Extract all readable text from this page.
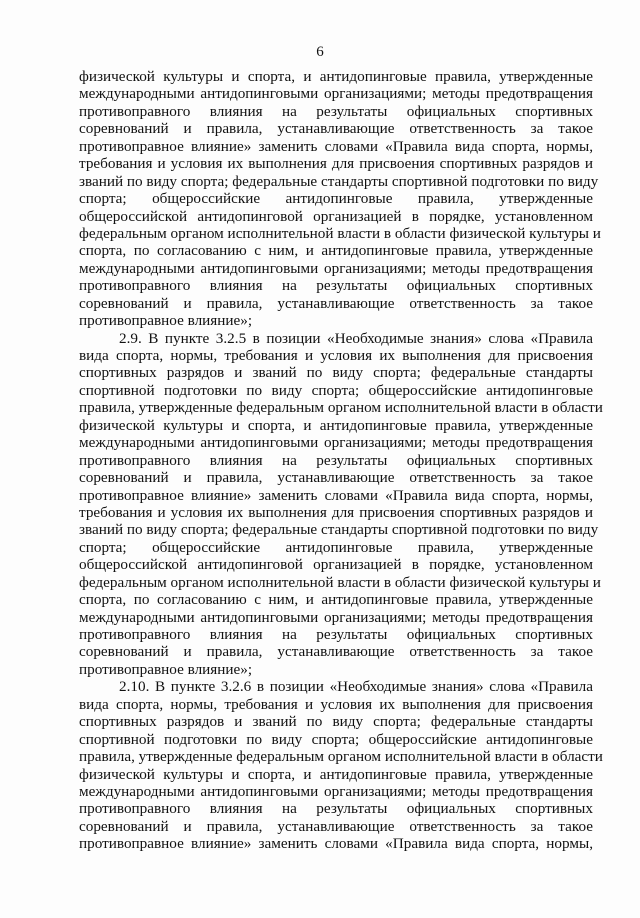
6
физической культуры и спорта, и антидопинговые правила, утвержденные
международными антидопинговыми организациями; методы предотвращения
противоправного влияния на результаты официальных спортивных
соревнований и правила, устанавливающие ответственность за такое
противоправное влияние» заменить словами «Правила вида спорта, нормы,
требования и условия их выполнения для присвоения спортивных разрядов и
званий по виду спорта; федеральные стандарты спортивной подготовки по виду
спорта; общероссийские антидопинговые правила, утвержденные
общероссийской антидопинговой организацией в порядке, установленном
федеральным органом исполнительной власти в области физической культуры и
спорта, по согласованию с ним, и антидопинговые правила, утвержденные
международными антидопинговыми организациями; методы предотвращения
противоправного влияния на результаты официальных спортивных
соревнований и правила, устанавливающие ответственность за такое
противоправное влияние»;
2.9. В пункте 3.2.5 в позиции «Необходимые знания» слова «Правила
вида спорта, нормы, требования и условия их выполнения для присвоения
спортивных разрядов и званий по виду спорта; федеральные стандарты
спортивной подготовки по виду спорта; общероссийские антидопинговые
правила, утвержденные федеральным органом исполнительной власти в области
физической культуры и спорта, и антидопинговые правила, утвержденные
международными антидопинговыми организациями; методы предотвращения
противоправного влияния на результаты официальных спортивных
соревнований и правила, устанавливающие ответственность за такое
противоправное влияние» заменить словами «Правила вида спорта, нормы,
требования и условия их выполнения для присвоения спортивных разрядов и
званий по виду спорта; федеральные стандарты спортивной подготовки по виду
спорта; общероссийские антидопинговые правила, утвержденные
общероссийской антидопинговой организацией в порядке, установленном
федеральным органом исполнительной власти в области физической культуры и
спорта, по согласованию с ним, и антидопинговые правила, утвержденные
международными антидопинговыми организациями; методы предотвращения
противоправного влияния на результаты официальных спортивных
соревнований и правила, устанавливающие ответственность за такое
противоправное влияние»;
2.10. В пункте 3.2.6 в позиции «Необходимые знания» слова «Правила
вида спорта, нормы, требования и условия их выполнения для присвоения
спортивных разрядов и званий по виду спорта; федеральные стандарты
спортивной подготовки по виду спорта; общероссийские антидопинговые
правила, утвержденные федеральным органом исполнительной власти в области
физической культуры и спорта, и антидопинговые правила, утвержденные
международными антидопинговыми организациями; методы предотвращения
противоправного влияния на результаты официальных спортивных
соревнований и правила, устанавливающие ответственность за такое
противоправное влияние» заменить словами «Правила вида спорта, нормы,
